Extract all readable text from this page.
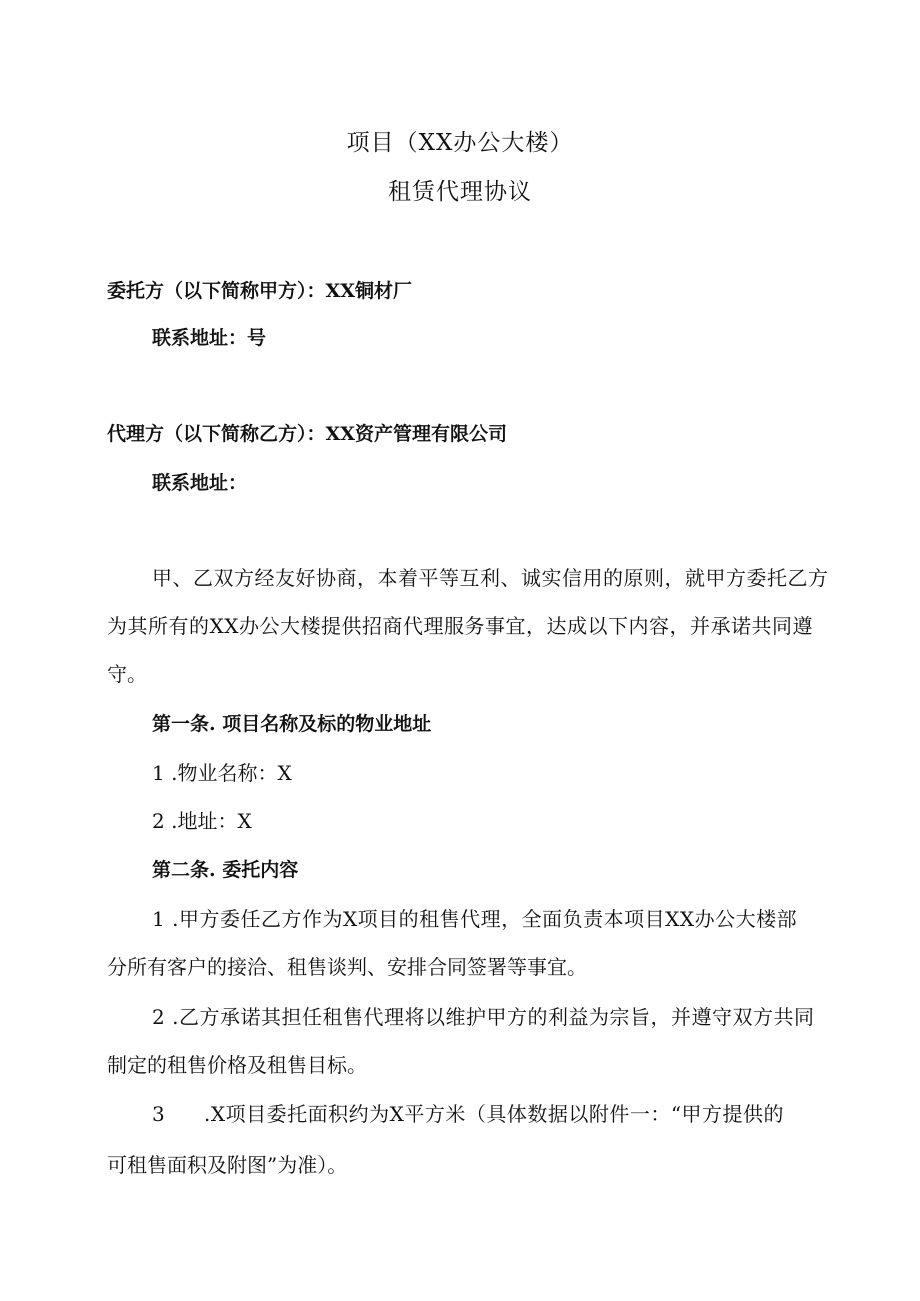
项目（XX办公大楼）

租赁代理协议

委托方（以下简称甲方）：XX铜材厂

联系地址：号

代理方（以下简称乙方）：XX资产管理有限公司

联系地址：

甲、乙双方经友好协商，本着平等互利、诚实信用的原则，就甲方委托乙方

为其所有的XX办公大楼提供招商代理服务事宜，达成以下内容，并承诺共同遵

守。

第一条. 项目名称及标的物业地址

1 .物业名称：X

2 .地址：X

第二条. 委托内容

1 .甲方委任乙方作为X项目的租售代理，全面负责本项目XX办公大楼部

分所有客户的接洽、租售谈判、安排合同签署等事宜。

2 .乙方承诺其担任租售代理将以维护甲方的利益为宗旨，并遵守双方共同

制定的租售价格及租售目标。

3 .X项目委托面积约为X平方米（具体数据以附件一：“甲方提供的

可租售面积及附图”为准）。
